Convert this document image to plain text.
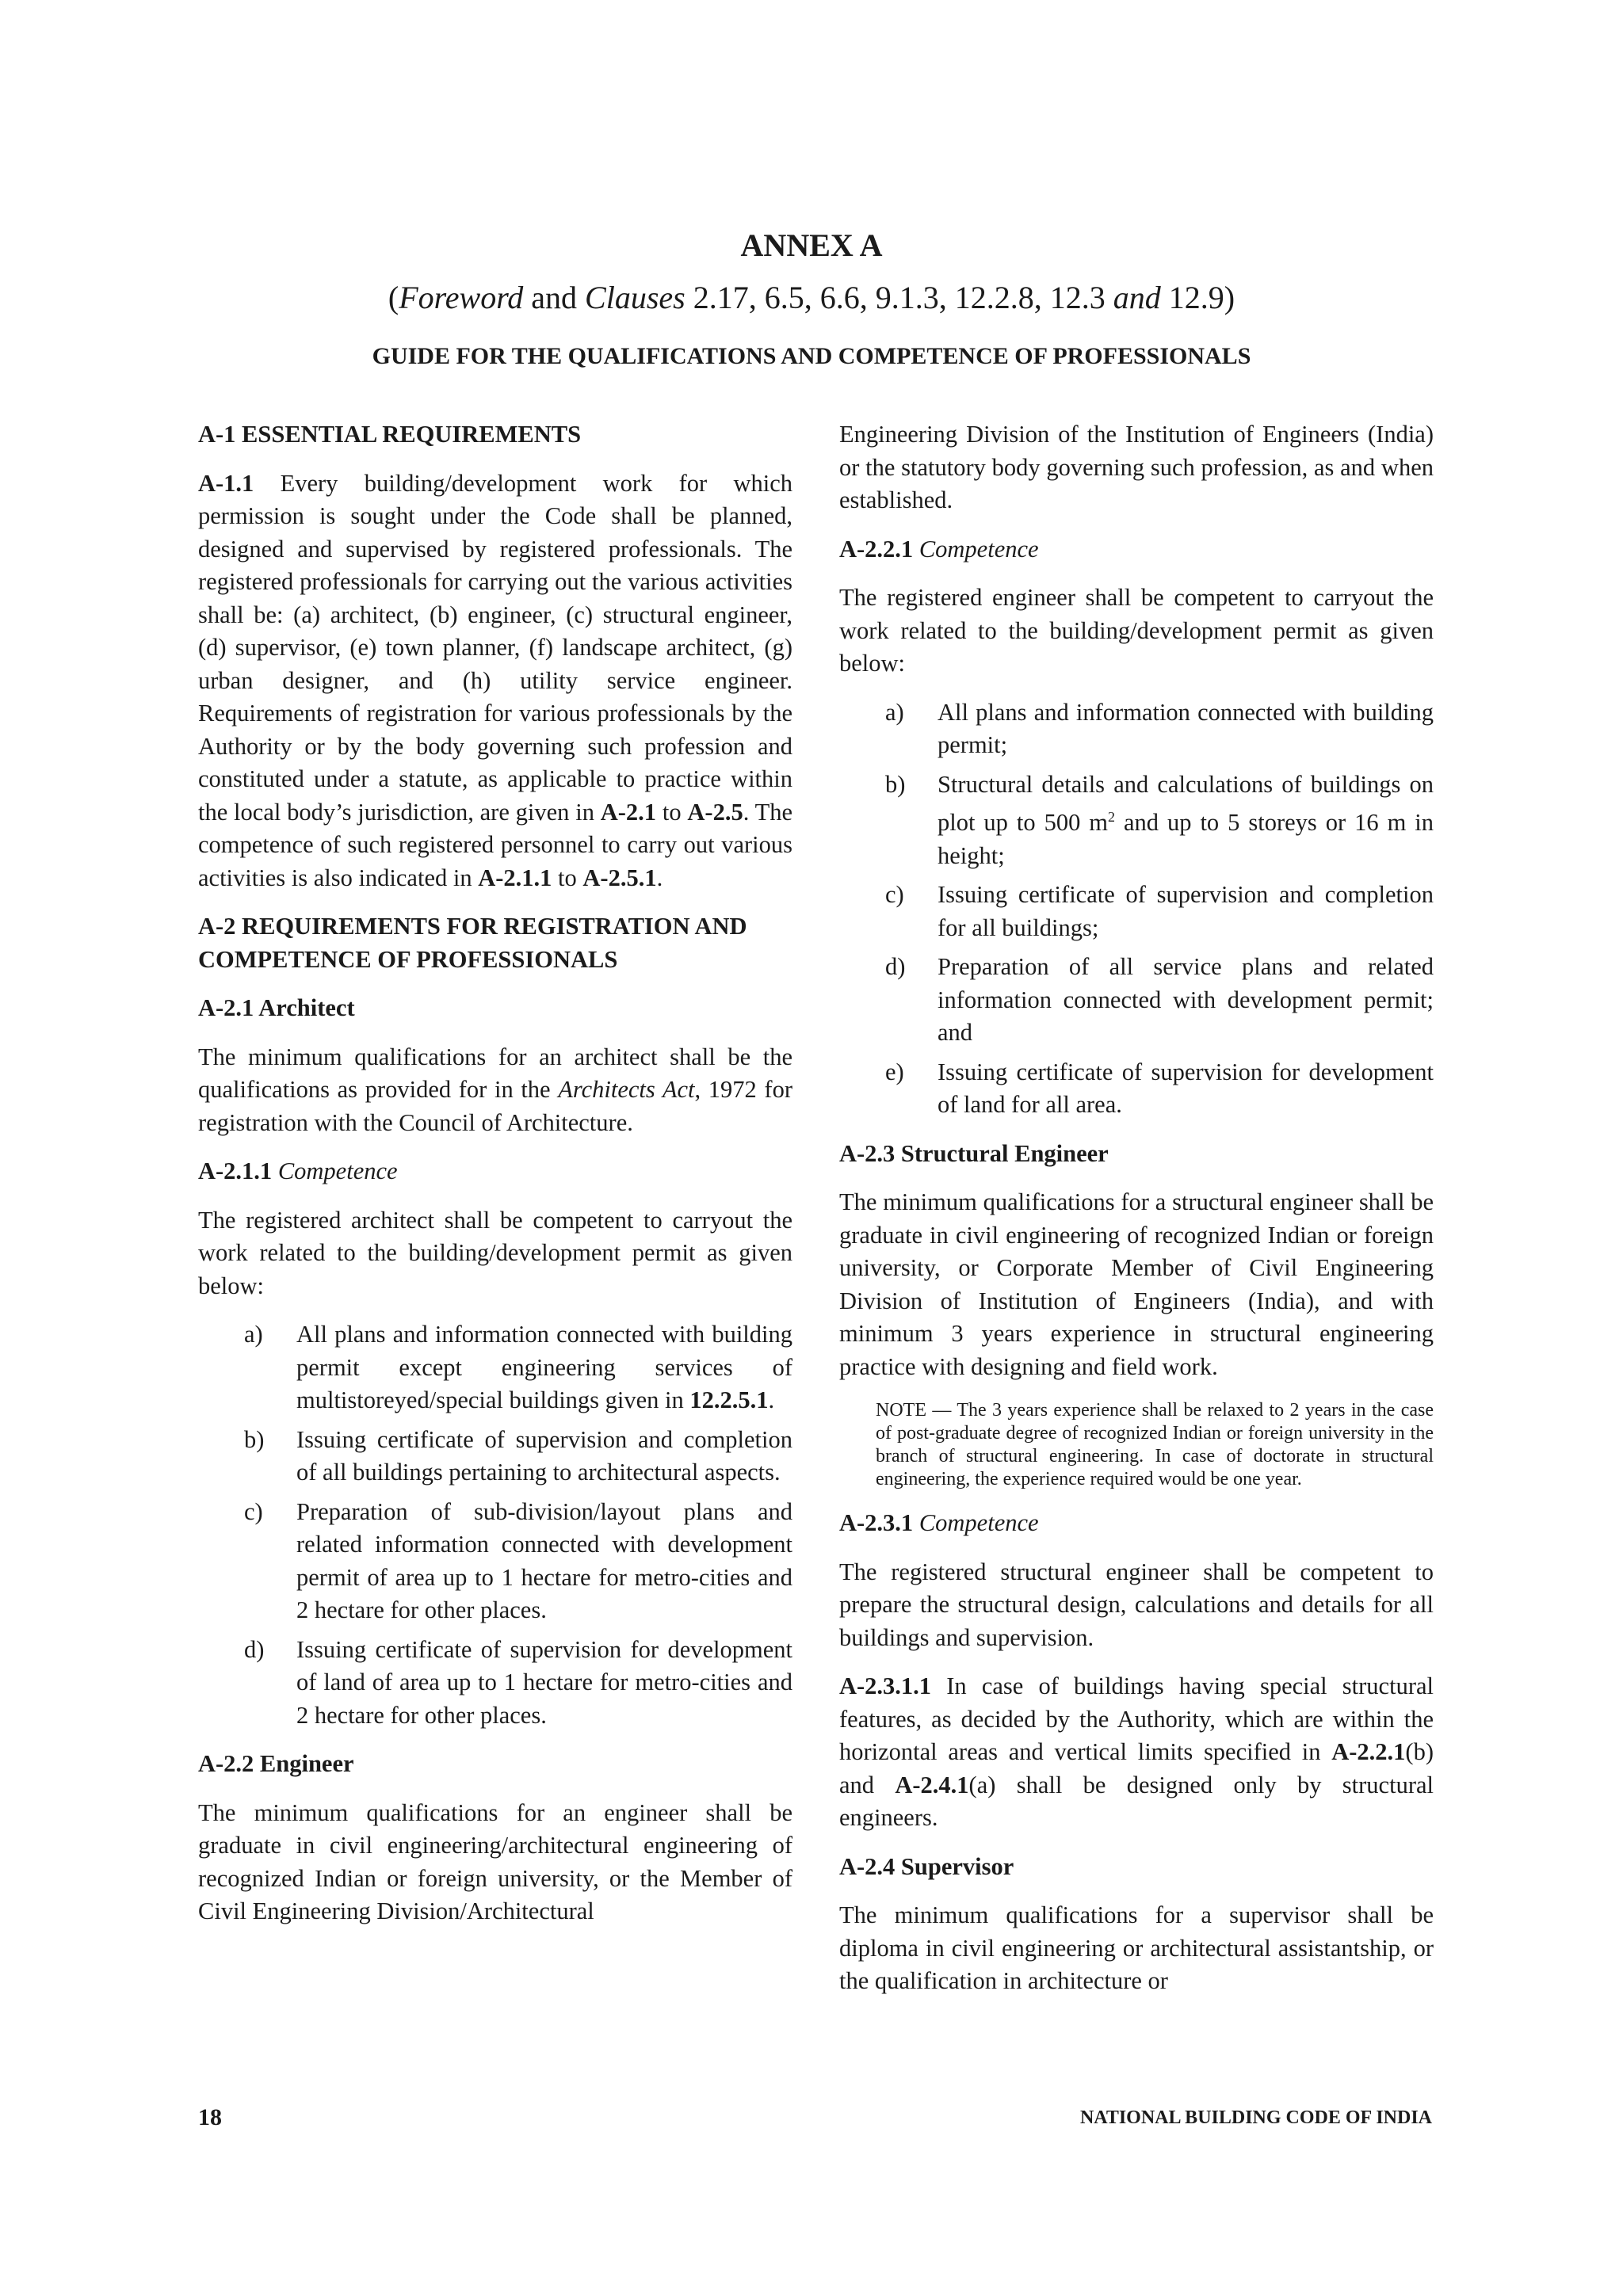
ANNEX A
(Foreword and Clauses 2.17, 6.5, 6.6, 9.1.3, 12.2.8, 12.3 and 12.9)
GUIDE FOR THE QUALIFICATIONS AND COMPETENCE OF PROFESSIONALS
A-1 ESSENTIAL REQUIREMENTS

A-1.1 Every building/development work for which permission is sought under the Code shall be planned, designed and supervised by registered professionals. The registered professionals for carrying out the various activities shall be: (a) architect, (b) engineer, (c) structural engineer, (d) supervisor, (e) town planner, (f) landscape architect, (g) urban designer, and (h) utility service engineer. Requirements of registration for various professionals by the Authority or by the body governing such profession and constituted under a statute, as applicable to practice within the local body’s jurisdiction, are given in A-2.1 to A-2.5. The competence of such registered personnel to carry out various activities is also indicated in A-2.1.1 to A-2.5.1.

A-2 REQUIREMENTS FOR REGISTRATION AND COMPETENCE OF PROFESSIONALS
A-2.1 Architect

The minimum qualifications for an architect shall be the qualifications as provided for in the Architects Act, 1972 for registration with the Council of Architecture.

A-2.1.1 Competence

The registered architect shall be competent to carryout the work related to the building/development permit as given below:

a) All plans and information connected with building permit except engineering services of multistoreyed/special buildings given in 12.2.5.1.
b) Issuing certificate of supervision and completion of all buildings pertaining to architectural aspects.
c) Preparation of sub-division/layout plans and related information connected with development permit of area up to 1 hectare for metro-cities and 2 hectare for other places.
d) Issuing certificate of supervision for development of land of area up to 1 hectare for metro-cities and 2 hectare for other places.
A-2.2 Engineer

The minimum qualifications for an engineer shall be graduate in civil engineering/architectural engineering of recognized Indian or foreign university, or the Member of Civil Engineering Division/Architectural

Engineering Division of the Institution of Engineers (India) or the statutory body governing such profession, as and when established.

A-2.2.1 Competence

The registered engineer shall be competent to carryout the work related to the building/development permit as given below:

a) All plans and information connected with building permit;
b) Structural details and calculations of buildings on plot up to 500 $m^2$ and up to 5 storeys or 16 m in height;
c) Issuing certificate of supervision and completion for all buildings;
d) Preparation of all service plans and related information connected with development permit; and
e) Issuing certificate of supervision for development of land for all area.
A-2.3 Structural Engineer

The minimum qualifications for a structural engineer shall be graduate in civil engineering of recognized Indian or foreign university, or Corporate Member of Civil Engineering Division of Institution of Engineers (India), and with minimum 3 years experience in structural engineering practice with designing and field work.

NOTE — The 3 years experience shall be relaxed to 2 years in the case of post-graduate degree of recognized Indian or foreign university in the branch of structural engineering. In case of doctorate in structural engineering, the experience required would be one year.

A-2.3.1 Competence

The registered structural engineer shall be competent to prepare the structural design, calculations and details for all buildings and supervision.

A-2.3.1.1 In case of buildings having special structural features, as decided by the Authority, which are within the horizontal areas and vertical limits specified in A-2.2.1(b) and A-2.4.1(a) shall be designed only by structural engineers.

A-2.4 Supervisor

The minimum qualifications for a supervisor shall be diploma in civil engineering or architectural assistantship, or the qualification in architecture or

18	NATIONAL BUILDING CODE OF INDIA
